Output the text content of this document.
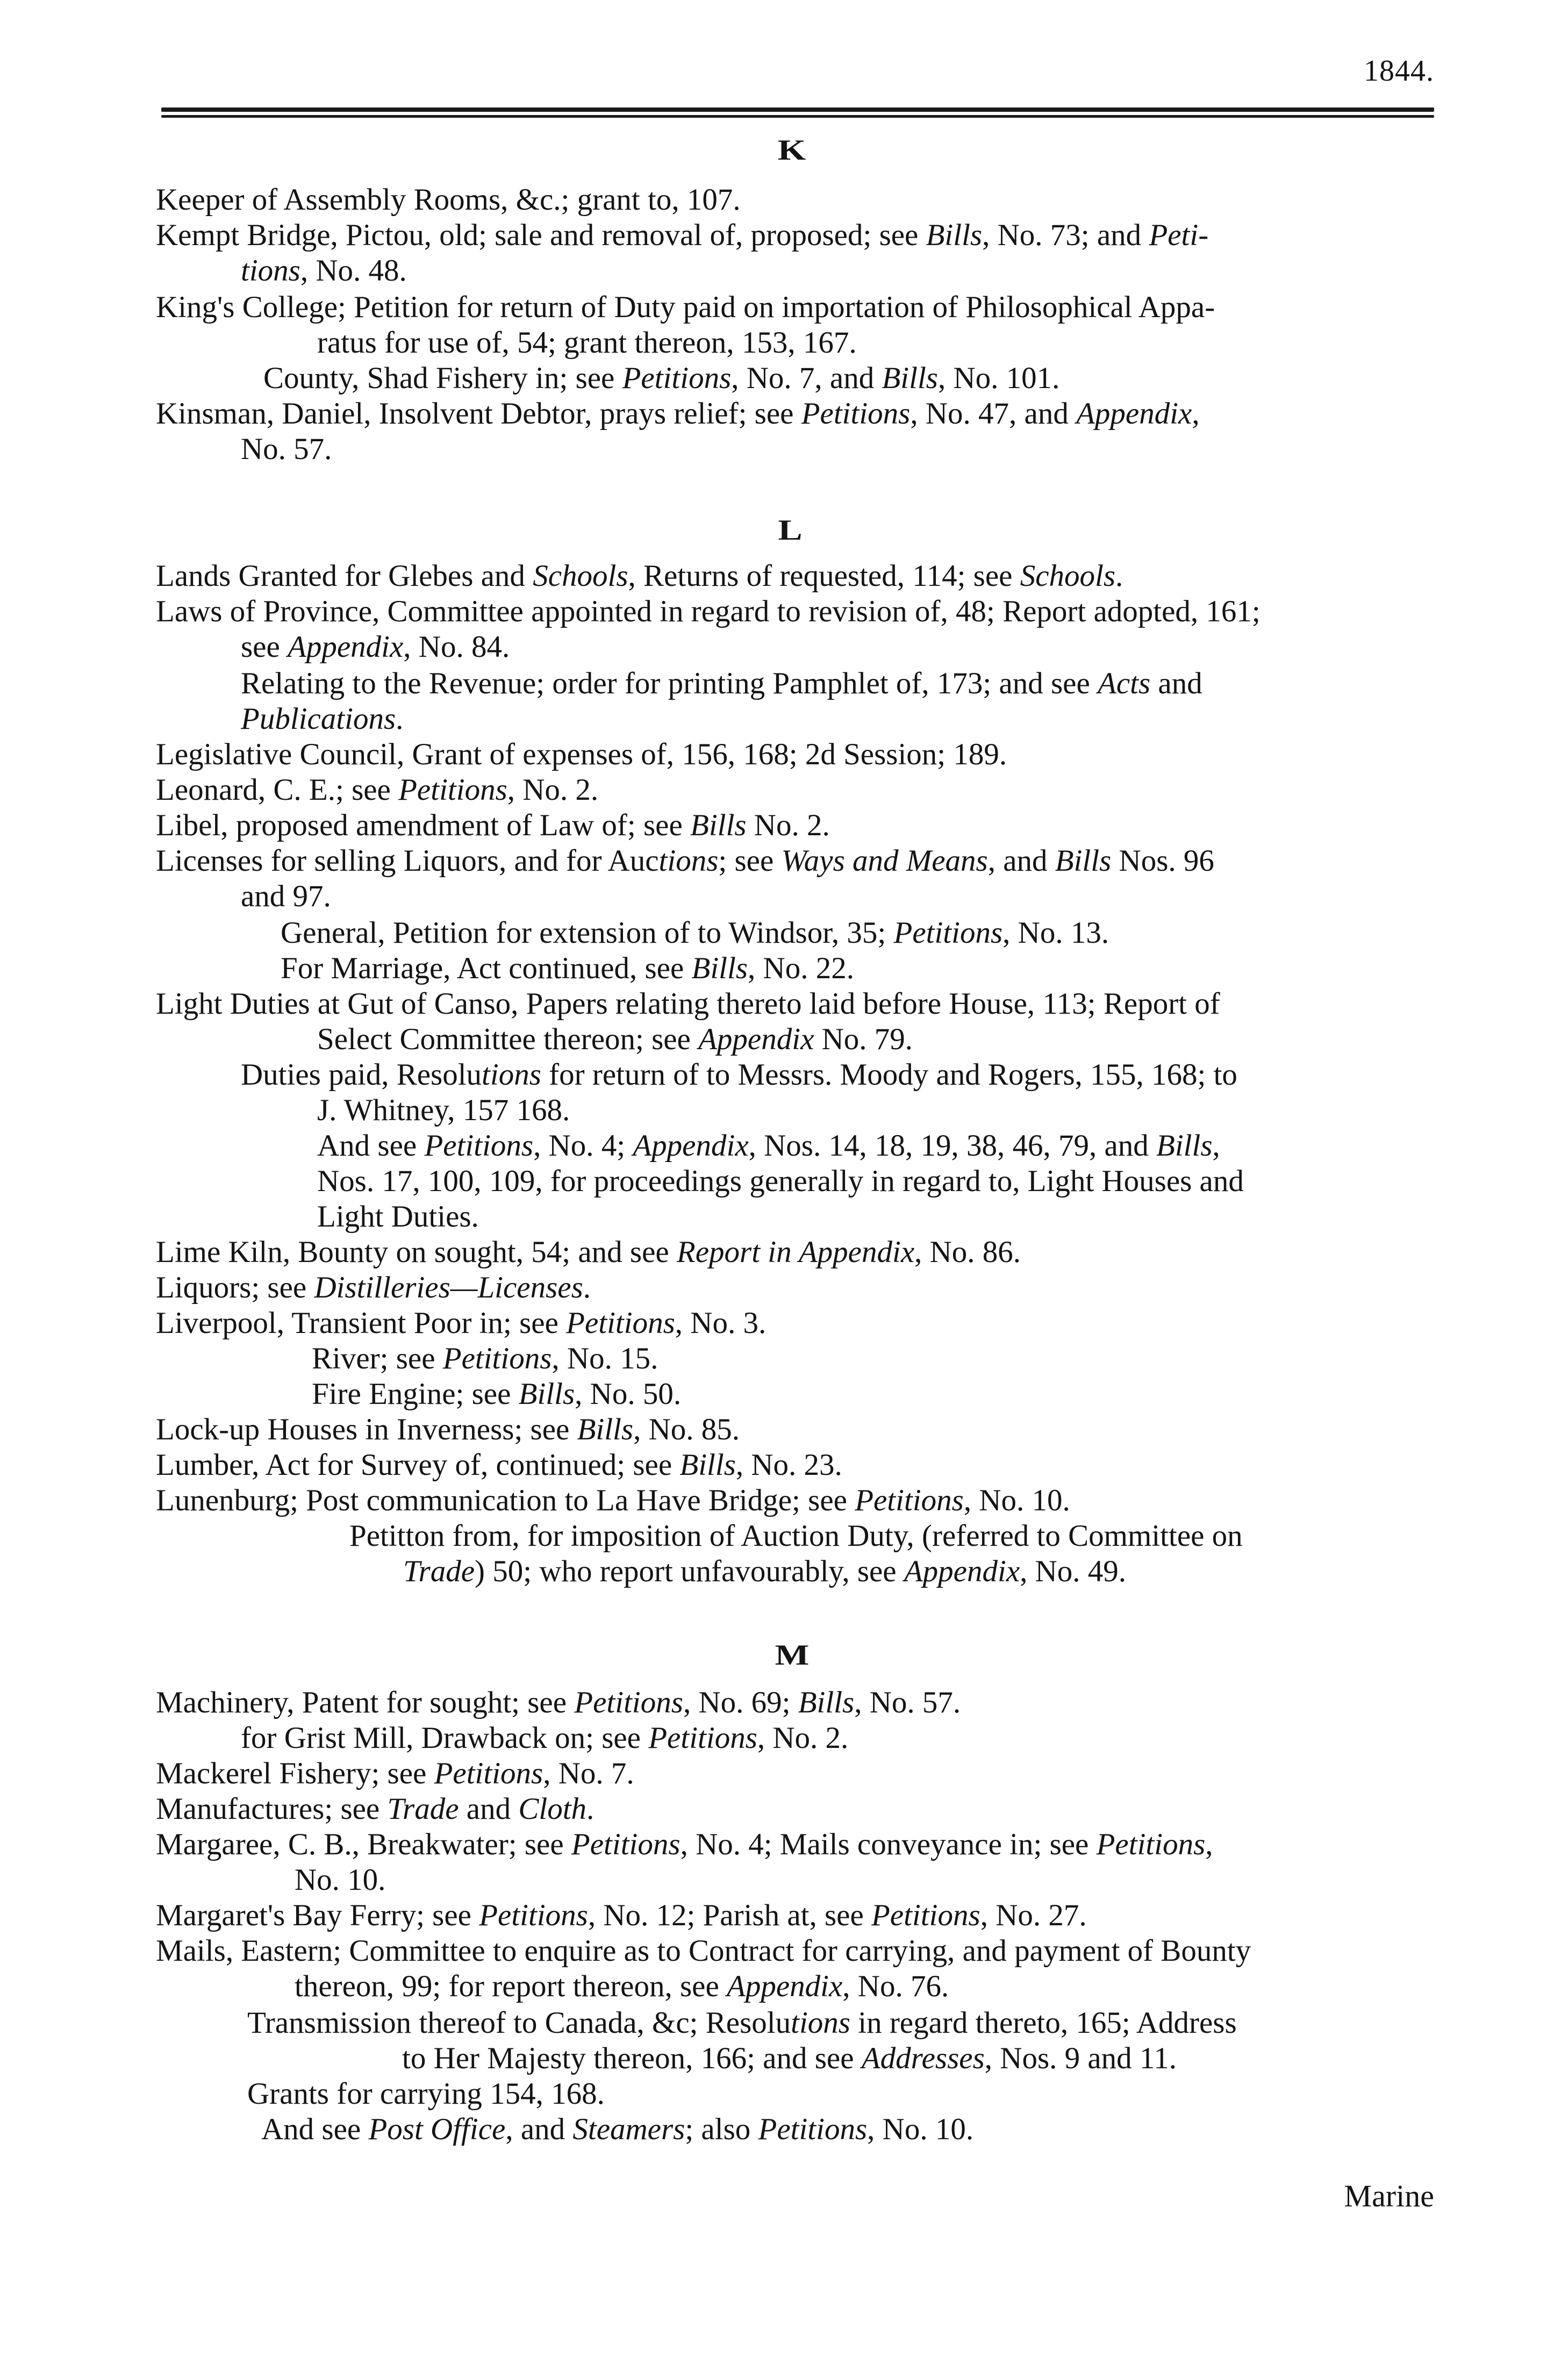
1844.
K
L
M
Keeper of Assembly Rooms, &c.; grant to, 107.
Kempt Bridge, Pictou, old; sale and removal of, proposed; see Bills, No. 73; and Peti-
tions, No. 48.
King's College; Petition for return of Duty paid on importation of Philosophical Appa-
ratus for use of, 54; grant thereon, 153, 167.
County, Shad Fishery in; see Petitions, No. 7, and Bills, No. 101.
Kinsman, Daniel, Insolvent Debtor, prays relief; see Petitions, No. 47, and Appendix,
No. 57.
Lands Granted for Glebes and Schools, Returns of requested, 114; see Schools.
Laws of Province, Committee appointed in regard to revision of, 48; Report adopted, 161;
see Appendix, No. 84.
Relating to the Revenue; order for printing Pamphlet of, 173; and see Acts and
Publications.
Legislative Council, Grant of expenses of, 156, 168; 2d Session; 189.
Leonard, C. E.; see Petitions, No. 2.
Libel, proposed amendment of Law of; see Bills No. 2.
Licenses for selling Liquors, and for Auctions; see Ways and Means, and Bills Nos. 96
and 97.
General, Petition for extension of to Windsor, 35; Petitions, No. 13.
For Marriage, Act continued, see Bills, No. 22.
Light Duties at Gut of Canso, Papers relating thereto laid before House, 113; Report of
Select Committee thereon; see Appendix No. 79.
Duties paid, Resolutions for return of to Messrs. Moody and Rogers, 155, 168; to
J. Whitney, 157 168.
And see Petitions, No. 4; Appendix, Nos. 14, 18, 19, 38, 46, 79, and Bills,
Nos. 17, 100, 109, for proceedings generally in regard to, Light Houses and
Light Duties.
Lime Kiln, Bounty on sought, 54; and see Report in Appendix, No. 86.
Liquors; see Distilleries—Licenses.
Liverpool, Transient Poor in; see Petitions, No. 3.
River; see Petitions, No. 15.
Fire Engine; see Bills, No. 50.
Lock-up Houses in Inverness; see Bills, No. 85.
Lumber, Act for Survey of, continued; see Bills, No. 23.
Lunenburg; Post communication to La Have Bridge; see Petitions, No. 10.
Petitton from, for imposition of Auction Duty, (referred to Committee on
Trade) 50; who report unfavourably, see Appendix, No. 49.
Machinery, Patent for sought; see Petitions, No. 69; Bills, No. 57.
for Grist Mill, Drawback on; see Petitions, No. 2.
Mackerel Fishery; see Petitions, No. 7.
Manufactures; see Trade and Cloth.
Margaree, C. B., Breakwater; see Petitions, No. 4; Mails conveyance in; see Petitions,
No. 10.
Margaret's Bay Ferry; see Petitions, No. 12; Parish at, see Petitions, No. 27.
Mails, Eastern; Committee to enquire as to Contract for carrying, and payment of Bounty
thereon, 99; for report thereon, see Appendix, No. 76.
Transmission thereof to Canada, &c; Resolutions in regard thereto, 165; Address
to Her Majesty thereon, 166; and see Addresses, Nos. 9 and 11.
Grants for carrying 154, 168.
And see Post Office, and Steamers; also Petitions, No. 10.
Marine
